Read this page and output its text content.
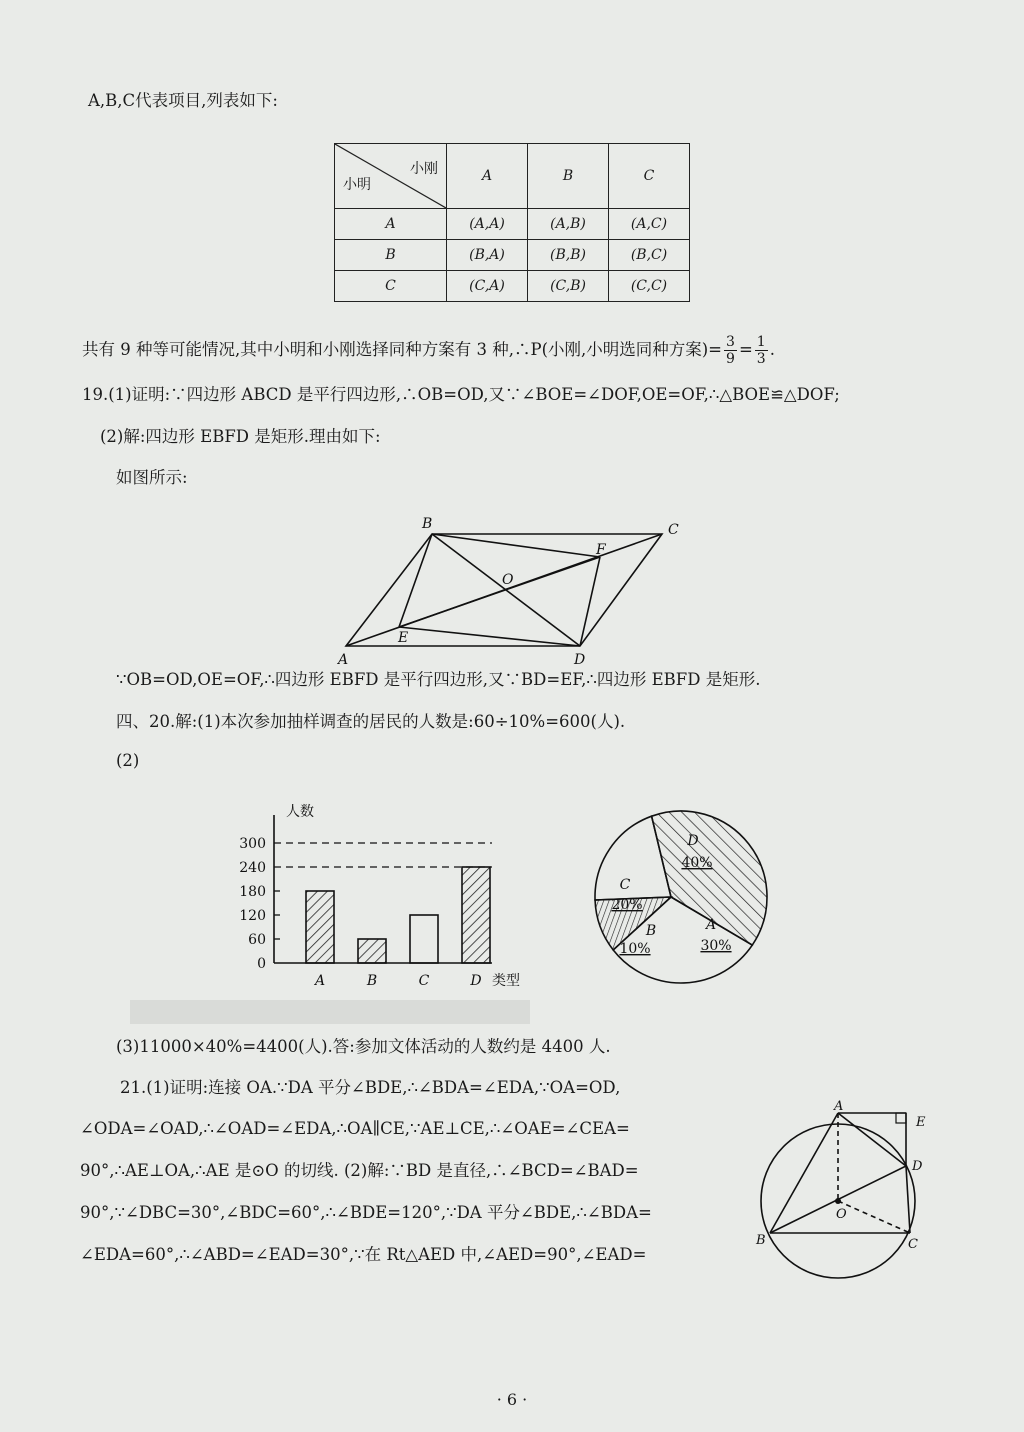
A,B,C代表项目,列表如下:
小刚
小明	A	B	C
A	(A,A)	(A,B)	(A,C)
B	(B,A)	(B,B)	(B,C)
C	(C,A)	(C,B)	(C,C)
共有 9 种等可能情况,其中小明和小刚选择同种方案有 3 种,∴P(小刚,小明选同种方案)= $\frac{3}{9} = \frac{1}{3}$ .
19.(1)证明:∵四边形 ABCD 是平行四边形,∴OB=OD,又∵∠BOE=∠DOF,OE=OF,∴△BOE≌△DOF;
(2)解:四边形 EBFD 是矩形.理由如下:
如图所示:
B	C
F
O
E
A	D
∵OB=OD,OE=OF,∴四边形 EBFD 是平行四边形,又∵BD=EF,∴四边形 EBFD 是矩形.
四、20.解:(1)本次参加抽样调查的居民的人数是:60÷10%=600(人).
(2)
0
60
120
180
240
300
A	B	C	D
人数
类型
D
40%
A
30%
B
10%
C
20%
(3)11000×40%=4400(人).答:参加文体活动的人数约是 4400 人.
21.(1)证明:连接 OA.∵DA 平分∠BDE,∴∠BDA=∠EDA,∵OA=OD,
∠ODA=∠OAD,∴∠OAD=∠EDA,∴OA∥CE,∵AE⊥CE,∴∠OAE=∠CEA=
90°,∴AE⊥OA,∴AE 是⊙O 的切线. (2)解:∵BD 是直径,∴∠BCD=∠BAD=
90°,∵∠DBC=30°,∠BDC=60°,∴∠BDE=120°,∵DA 平分∠BDE,∴∠BDA=
∠EDA=60°,∴∠ABD=∠EAD=30°,∵在 Rt△AED 中,∠AED=90°,∠EAD=
A
E
D
O
B	C
· 6 ·
